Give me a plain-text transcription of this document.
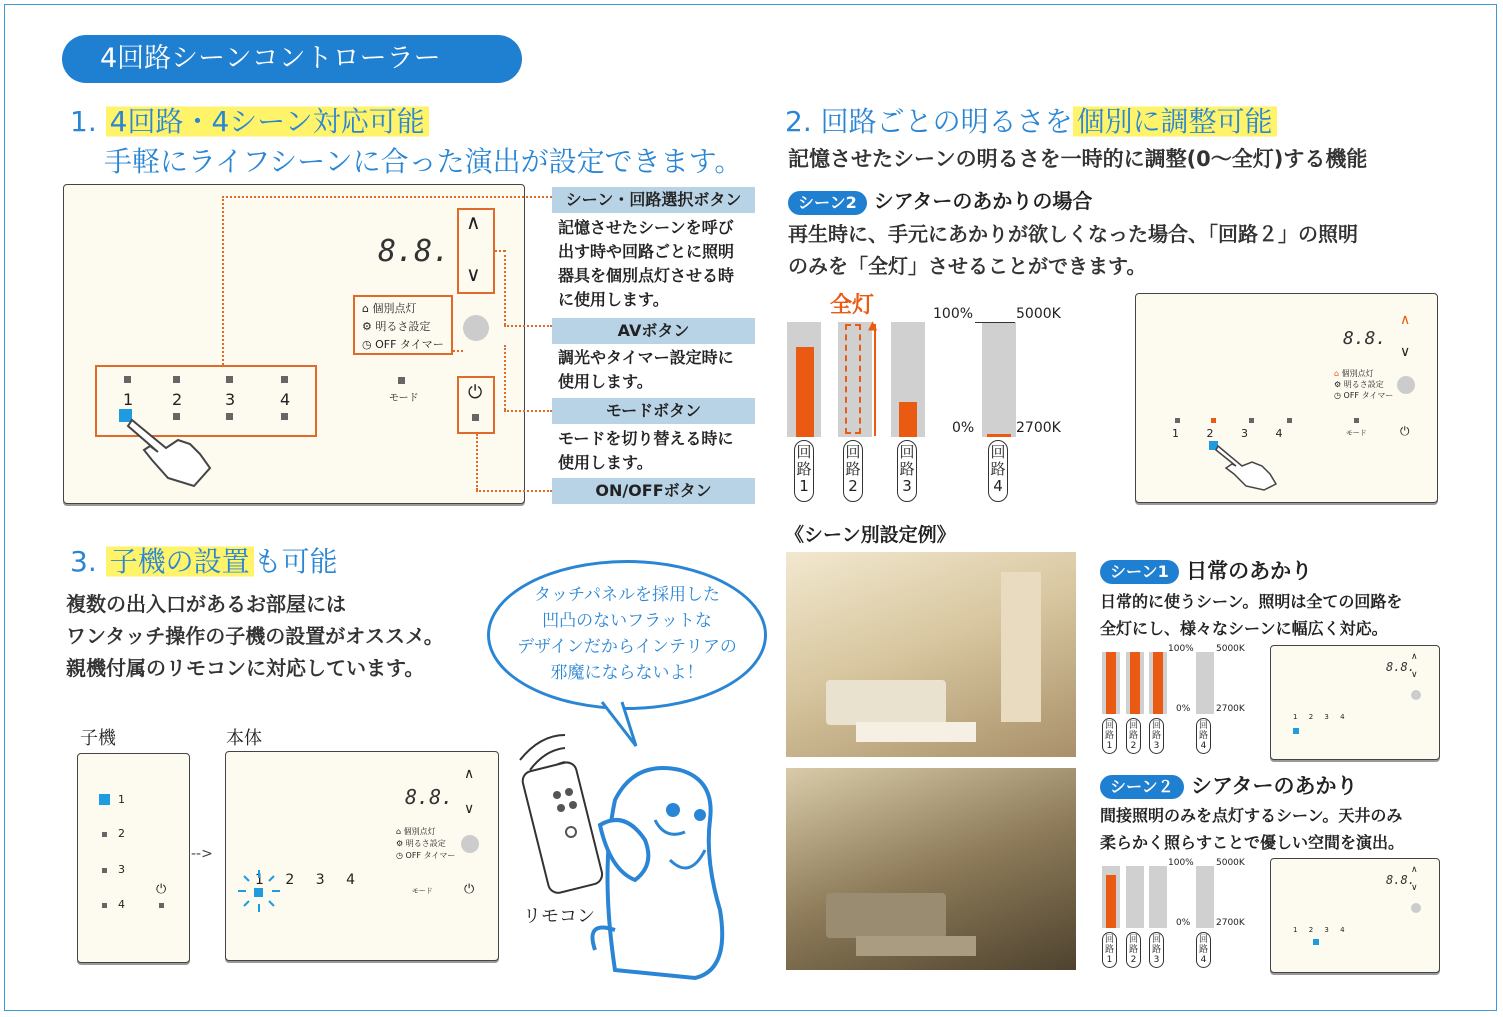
4回路シーンコントローラー
1. 4回路・4シーン対応可能
手軽にライフシーンに合った演出が設定できます。
8.8.
∧
∨
⌂ 個別点灯
⚙ 明るさ設定
◷ OFF タイマー
モード	⏻
1 2	3	4
シーン・回路選択ボタン
記憶させたシーンを呼び
出す時や回路ごとに照明
器具を個別点灯させる時
に使用します。
AVボタン
調光やタイマー設定時に
使用します。
モードボタン
モードを切り替える時に
使用します。
ON/OFFボタン
2. 回路ごとの明るさを 個別に調整可能
記憶させたシーンの明るさを一時的に調整(0〜全灯)する機能
シーン2 シアターのあかりの場合
再生時に、手元にあかりが欲しくなった場合、「回路２」の照明
のみを「全灯」させることができます。
全灯
▲
100%	5000K
0%	2700K
回路1
回路2
回路3
回路4
8.8.
∧
∨
⌂ 個別点灯
⚙ 明るさ設定
◷ OFF タイマー
1	2	3	4	モード	⏻
3. 子機の設置 も可能
複数の出入口があるお部屋には
ワンタッチ操作の子機の設置がオススメ。
親機付属のリモコンに対応しています。
子機	本体
1
2
3
4
⏻
-->
8.8.
∧
∨
⌂ 個別点灯
⚙ 明るさ設定
◷ OFF タイマー
1 2 3 4
モード ⏻
タッチパネルを採用した
凹凸のないフラットな
デザインだからインテリアの
邪魔にならないよ！
リモコン
《シーン別設定例》
シーン1 日常のあかり
日常的に使うシーン。照明は全ての回路を
全灯にし、様々なシーンに幅広く対応。
回路1
回路2
回路3
回路4
100% 5000K
0%	2700K
8.8.
∧
∨
1 2 3 4
シーン２ シアターのあかり
間接照明のみを点灯するシーン。天井のみ
柔らかく照らすことで優しい空間を演出。
回路1
回路2
回路3
回路4
100% 5000K
0%	2700K
8.8.
∧
∨
1 2 3 4
